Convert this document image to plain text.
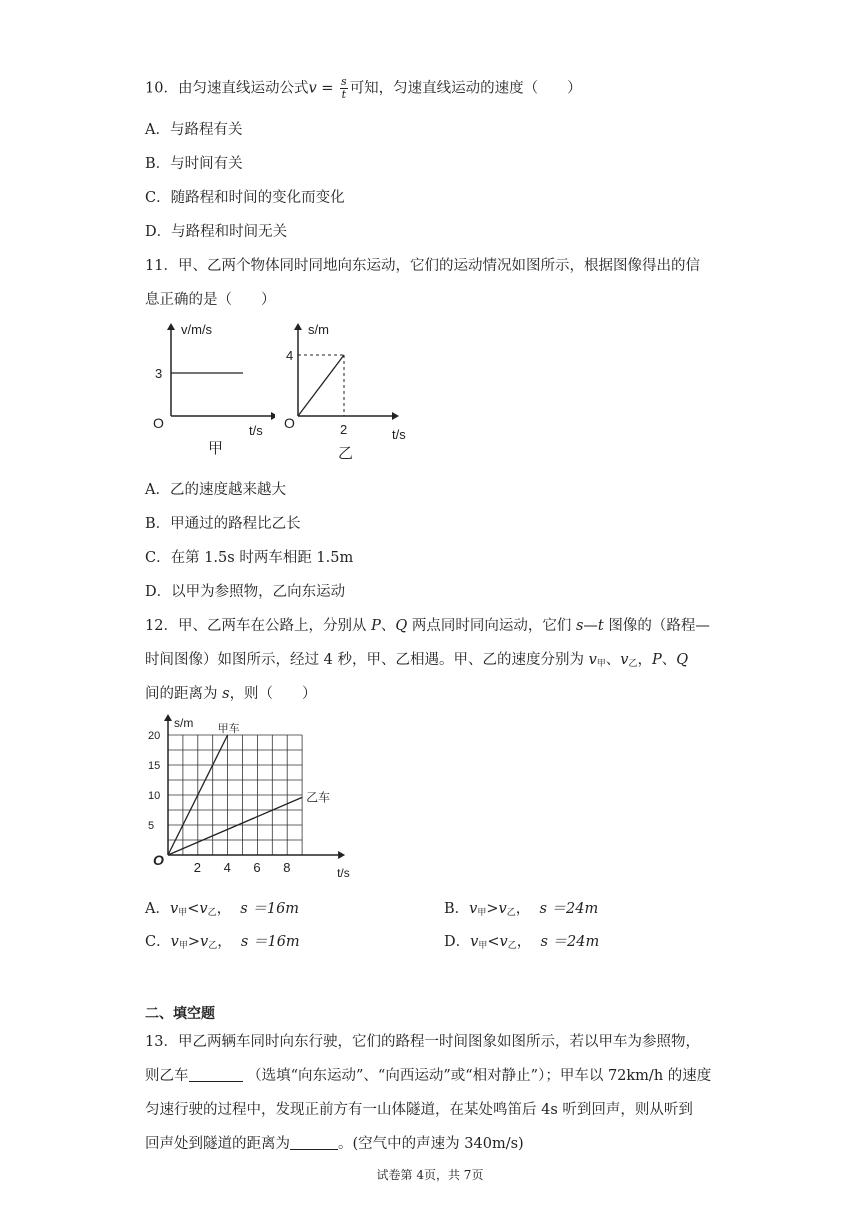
10．由匀速直线运动公式$v = \frac{s}{t}$ 可知，匀速直线运动的速度（　　）
A．与路程有关
B．与时间有关
C．随路程和时间的变化而变化
D．与路程和时间无关
11．甲、乙两个物体同时同地向东运动，它们的运动情况如图所示，根据图像得出的信
息正确的是（　　）
v/m/s
3
O	t/s
甲
s/m
4
O	2	t/s
乙
A．乙的速度越来越大
B．甲通过的路程比乙长
C．在第 1.5s 时两车相距 1.5m
D．以甲为参照物，乙向东运动
12．甲、乙两车在公路上，分别从 P、Q 两点同时同向运动，它们 s—t 图像的（路程—
时间图像）如图所示，经过 4 秒，甲、乙相遇。甲、乙的速度分别为 $v_甲$、$v_乙$，P、Q
间的距离为 s，则（　　）
2 4 6 8
5
10
15
20
O
s/m
t/s
甲车
乙车
A．$v_甲<v_乙$， s ＝16m	B．$v_甲>v_乙$， s ＝24m
C．$v_甲>v_乙$， s ＝16m	D．$v_甲<v_乙$， s ＝24m
二、填空题
13．甲乙两辆车同时向东行驶，它们的路程一时间图象如图所示，若以甲车为参照物，
则乙车	（选填“向东运动”、“向西运动”或“相对静止”）；甲车以 72km/h 的速度
匀速行驶的过程中，发现正前方有一山体隧道，在某处鸣笛后 4s 听到回声，则从听到
回声处到隧道的距离为	。(空气中的声速为 340m/s)
试卷第 4页，共 7页
